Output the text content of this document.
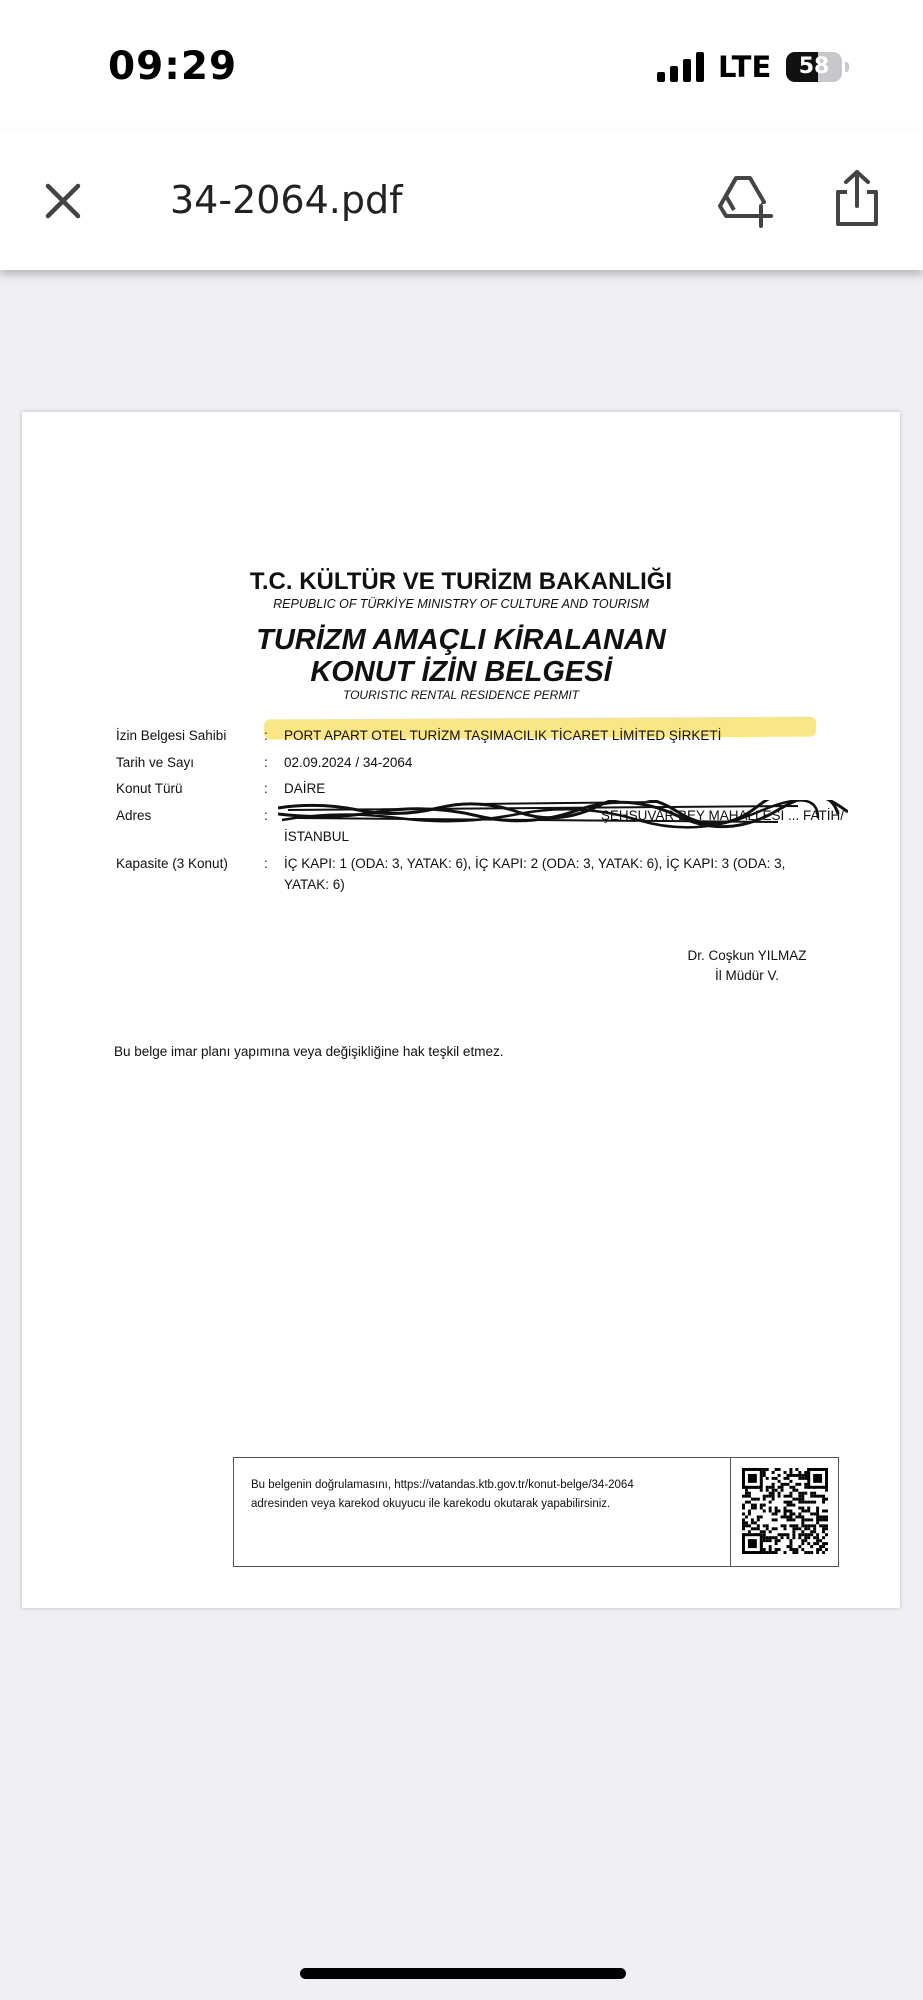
09:29	LTE	58
34-2064.pdf
T.C. KÜLTÜR VE TURİZM BAKANLIĞI
REPUBLIC OF TÜRKİYE MINISTRY OF CULTURE AND TOURISM
TURİZM AMAÇLI KİRALANAN
KONUT İZİN BELGESİ
TOURISTIC RENTAL RESIDENCE PERMIT
İzin Belgesi Sahibi	: PORT APART OTEL TURİZM TAŞIMACILIK TİCARET LİMİTED ŞİRKETİ
Tarih ve Sayı	: 02.09.2024 / 34-2064
Konut Türü	: DAİRE
Adres	:	ŞEHSUVAR BEY MAHALLESİ ... FATİH/
İSTANBUL
Kapasite (3 Konut)	: İÇ KAPI: 1 (ODA: 3, YATAK: 6), İÇ KAPI: 2 (ODA: 3, YATAK: 6), İÇ KAPI: 3 (ODA: 3,
YATAK: 6)
Dr. Coşkun YILMAZ
İl Müdür V.
Bu belge imar planı yapımına veya değişikliğine hak teşkil etmez.
Bu belgenin doğrulamasını, https://vatandas.ktb.gov.tr/konut-belge/34-2064
adresinden veya karekod okuyucu ile karekodu okutarak yapabilirsiniz.
